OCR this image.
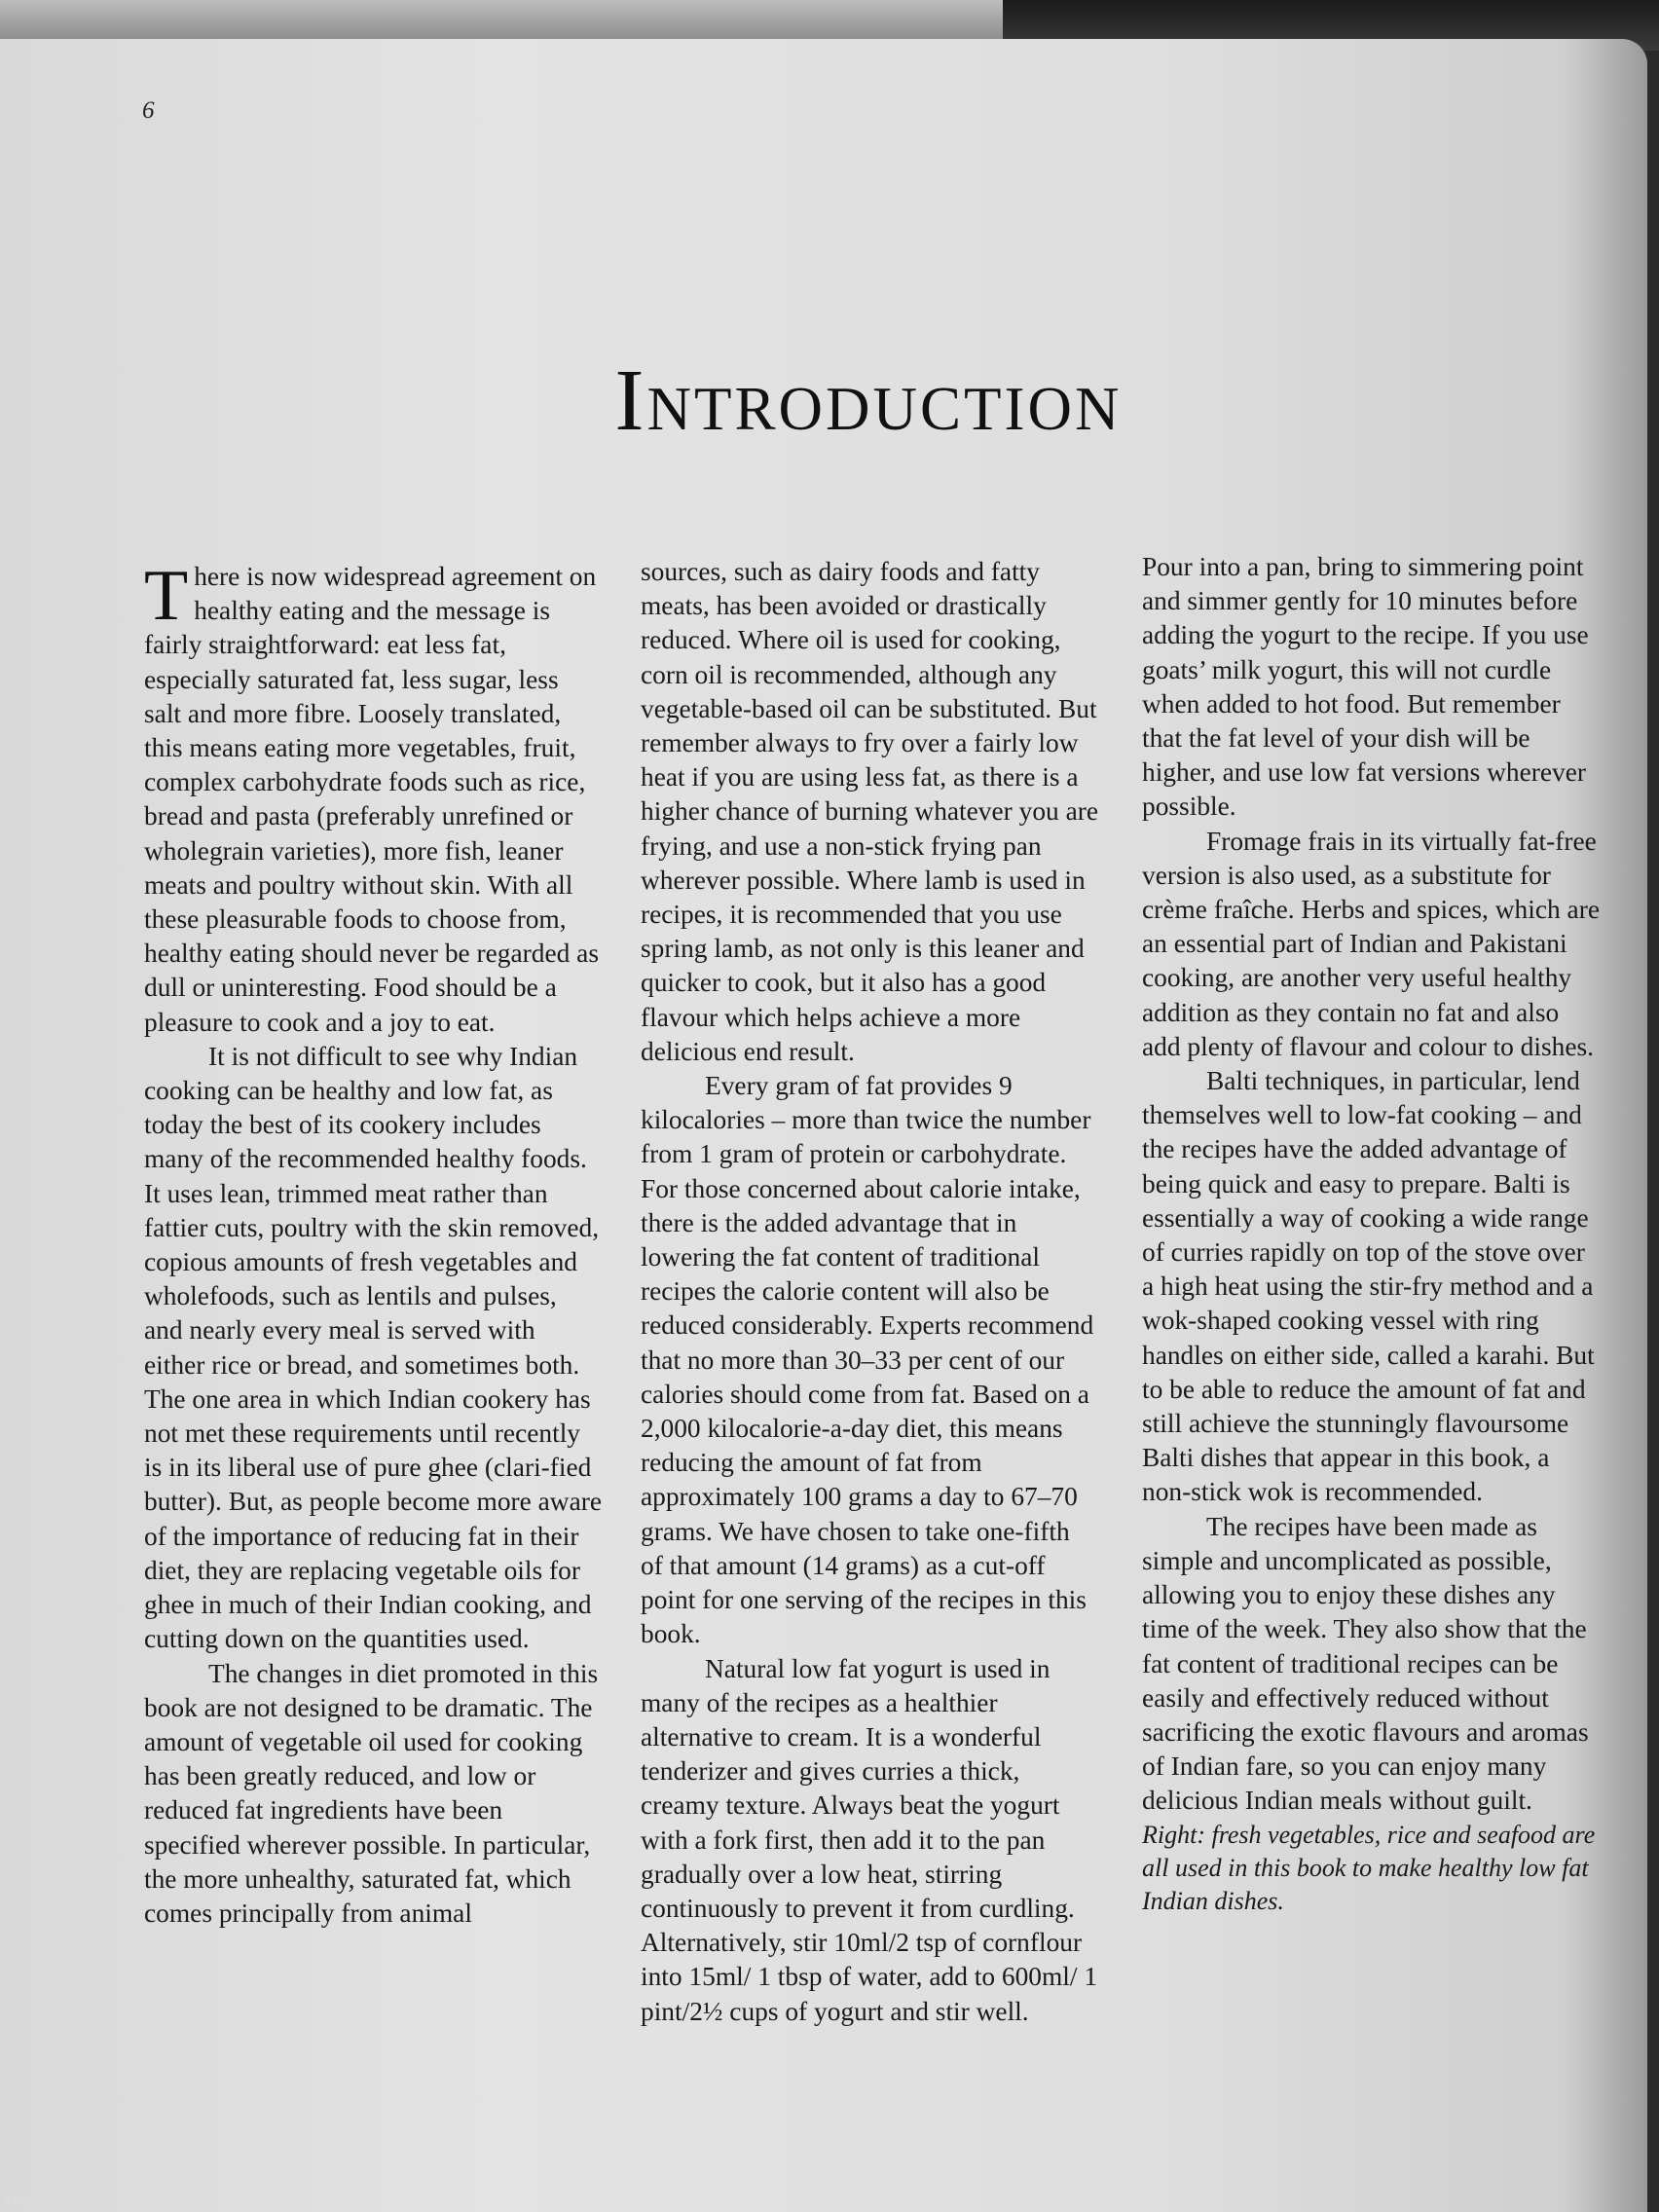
6
Introduction

There is now widespread agreement on healthy eating and the message is fairly straightforward: eat less fat, especially saturated fat, less sugar, less salt and more fibre. Loosely translated, this means eating more vegetables, fruit, complex carbohydrate foods such as rice, bread and pasta (preferably unrefined or wholegrain varieties), more fish, leaner meats and poultry without skin. With all these pleasurable foods to choose from, healthy eating should never be regarded as dull or uninteresting. Food should be a pleasure to cook and a joy to eat.

It is not difficult to see why Indian cooking can be healthy and low fat, as today the best of its cookery includes many of the recommended healthy foods. It uses lean, trimmed meat rather than fattier cuts, poultry with the skin removed, copious amounts of fresh vegetables and wholefoods, such as lentils and pulses, and nearly every meal is served with either rice or bread, and sometimes both. The one area in which Indian cookery has not met these requirements until recently is in its liberal use of pure ghee (clari-fied butter). But, as people become more aware of the importance of reducing fat in their diet, they are replacing vegetable oils for ghee in much of their Indian cooking, and cutting down on the quantities used.

The changes in diet promoted in this book are not designed to be dramatic. The amount of vegetable oil used for cooking has been greatly reduced, and low or reduced fat ingredients have been specified wherever possible. In particular, the more unhealthy, saturated fat, which comes principally from animal

sources, such as dairy foods and fatty meats, has been avoided or drastically reduced. Where oil is used for cooking, corn oil is recommended, although any vegetable-based oil can be substituted. But remember always to fry over a fairly low heat if you are using less fat, as there is a higher chance of burning whatever you are frying, and use a non-stick frying pan wherever possible. Where lamb is used in recipes, it is recommended that you use spring lamb, as not only is this leaner and quicker to cook, but it also has a good flavour which helps achieve a more delicious end result.

Every gram of fat provides 9 kilocalories – more than twice the number from 1 gram of protein or carbohydrate. For those concerned about calorie intake, there is the added advantage that in lowering the fat content of traditional recipes the calorie content will also be reduced considerably. Experts recommend that no more than 30–33 per cent of our calories should come from fat. Based on a 2,000 kilocalorie-a-day diet, this means reducing the amount of fat from approximately 100 grams a day to 67–70 grams. We have chosen to take one-fifth of that amount (14 grams) as a cut-off point for one serving of the recipes in this book.

Natural low fat yogurt is used in many of the recipes as a healthier alternative to cream. It is a wonderful tenderizer and gives curries a thick, creamy texture. Always beat the yogurt with a fork first, then add it to the pan gradually over a low heat, stirring continuously to prevent it from curdling. Alternatively, stir 10ml/2 tsp of cornflour into 15ml/ 1 tbsp of water, add to 600ml/ 1 pint/2½ cups of yogurt and stir well.

Pour into a pan, bring to simmering point and simmer gently for 10 minutes before adding the yogurt to the recipe. If you use goats’ milk yogurt, this will not curdle when added to hot food. But remember that the fat level of your dish will be higher, and use low fat versions wherever possible.

Fromage frais in its virtually fat-free version is also used, as a substitute for crème fraîche. Herbs and spices, which are an essential part of Indian and Pakistani cooking, are another very useful healthy addition as they contain no fat and also add plenty of flavour and colour to dishes.

Balti techniques, in particular, lend themselves well to low-fat cooking – and the recipes have the added advantage of being quick and easy to prepare. Balti is essentially a way of cooking a wide range of curries rapidly on top of the stove over a high heat using the stir-fry method and a wok-shaped cooking vessel with ring handles on either side, called a karahi. But to be able to reduce the amount of fat and still achieve the stunningly flavoursome Balti dishes that appear in this book, a non-stick wok is recommended.

The recipes have been made as simple and uncomplicated as possible, allowing you to enjoy these dishes any time of the week. They also show that the fat content of traditional recipes can be easily and effectively reduced without sacrificing the exotic flavours and aromas of Indian fare, so you can enjoy many delicious Indian meals without guilt.

Right: fresh vegetables, rice and seafood are all used in this book to make healthy low fat Indian dishes.

Antikvarium.hu
